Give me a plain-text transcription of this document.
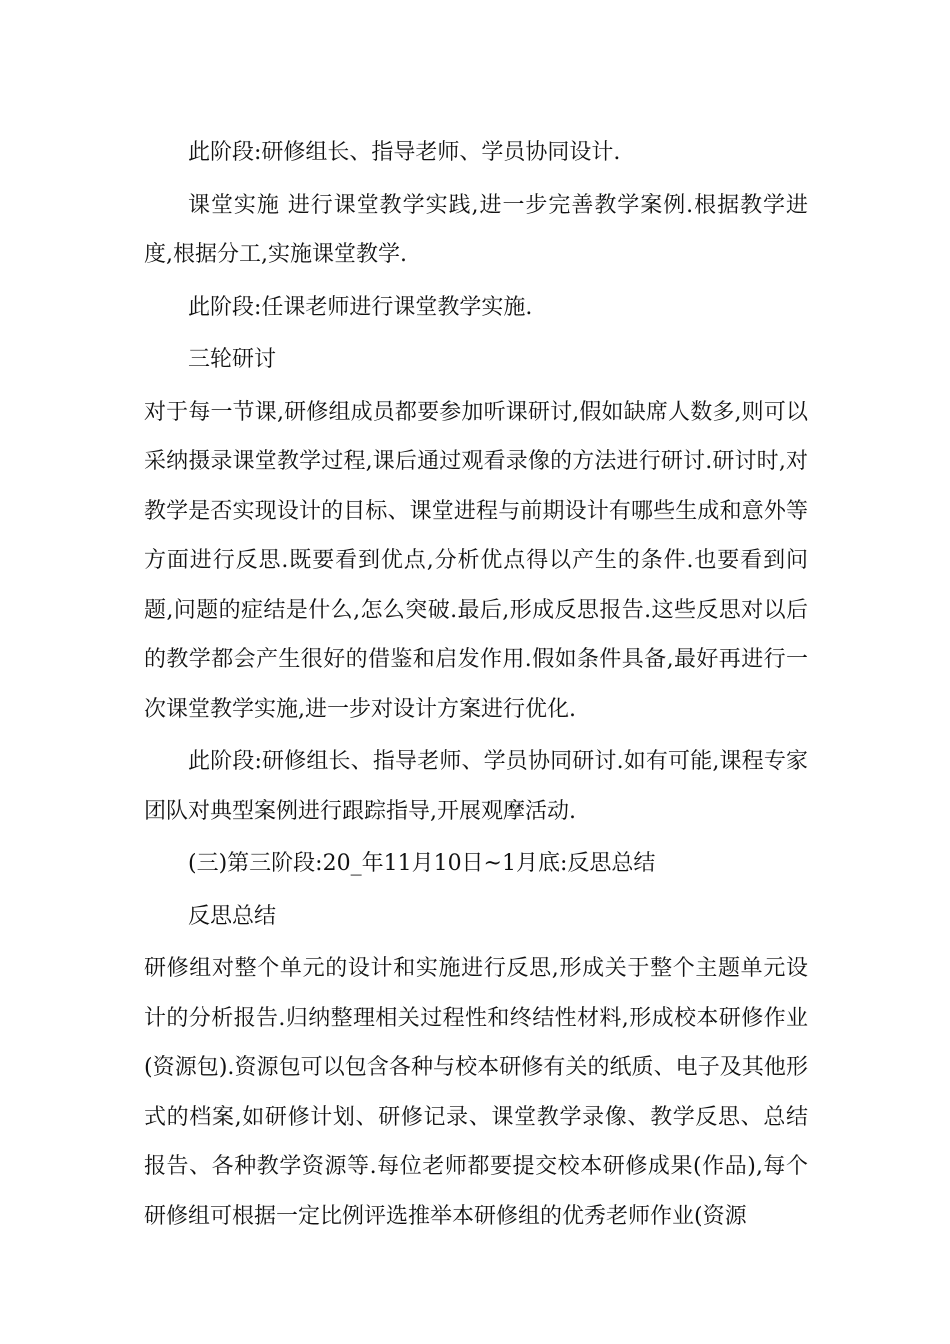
此阶段:研修组长、指导老师、学员协同设计.

课堂实施 进行课堂教学实践,进一步完善教学案例.根据教学进度,根据分工,实施课堂教学.

此阶段:任课老师进行课堂教学实施.

三轮研讨

对于每一节课,研修组成员都要参加听课研讨,假如缺席人数多,则可以采纳摄录课堂教学过程,课后通过观看录像的方法进行研讨.研讨时,对教学是否实现设计的目标、课堂进程与前期设计有哪些生成和意外等方面进行反思.既要看到优点,分析优点得以产生的条件.也要看到问题,问题的症结是什么,怎么突破.最后,形成反思报告.这些反思对以后的教学都会产生很好的借鉴和启发作用.假如条件具备,最好再进行一次课堂教学实施,进一步对设计方案进行优化.

此阶段:研修组长、指导老师、学员协同研讨.如有可能,课程专家团队对典型案例进行跟踪指导,开展观摩活动.

(三)第三阶段:20_年11月10日~1月底:反思总结

反思总结

研修组对整个单元的设计和实施进行反思,形成关于整个主题单元设计的分析报告.归纳整理相关过程性和终结性材料,形成校本研修作业(资源包).资源包可以包含各种与校本研修有关的纸质、电子及其他形式的档案,如研修计划、研修记录、课堂教学录像、教学反思、总结报告、各种教学资源等.每位老师都要提交校本研修成果(作品),每个研修组可根据一定比例评选推举本研修组的优秀老师作业(资源
